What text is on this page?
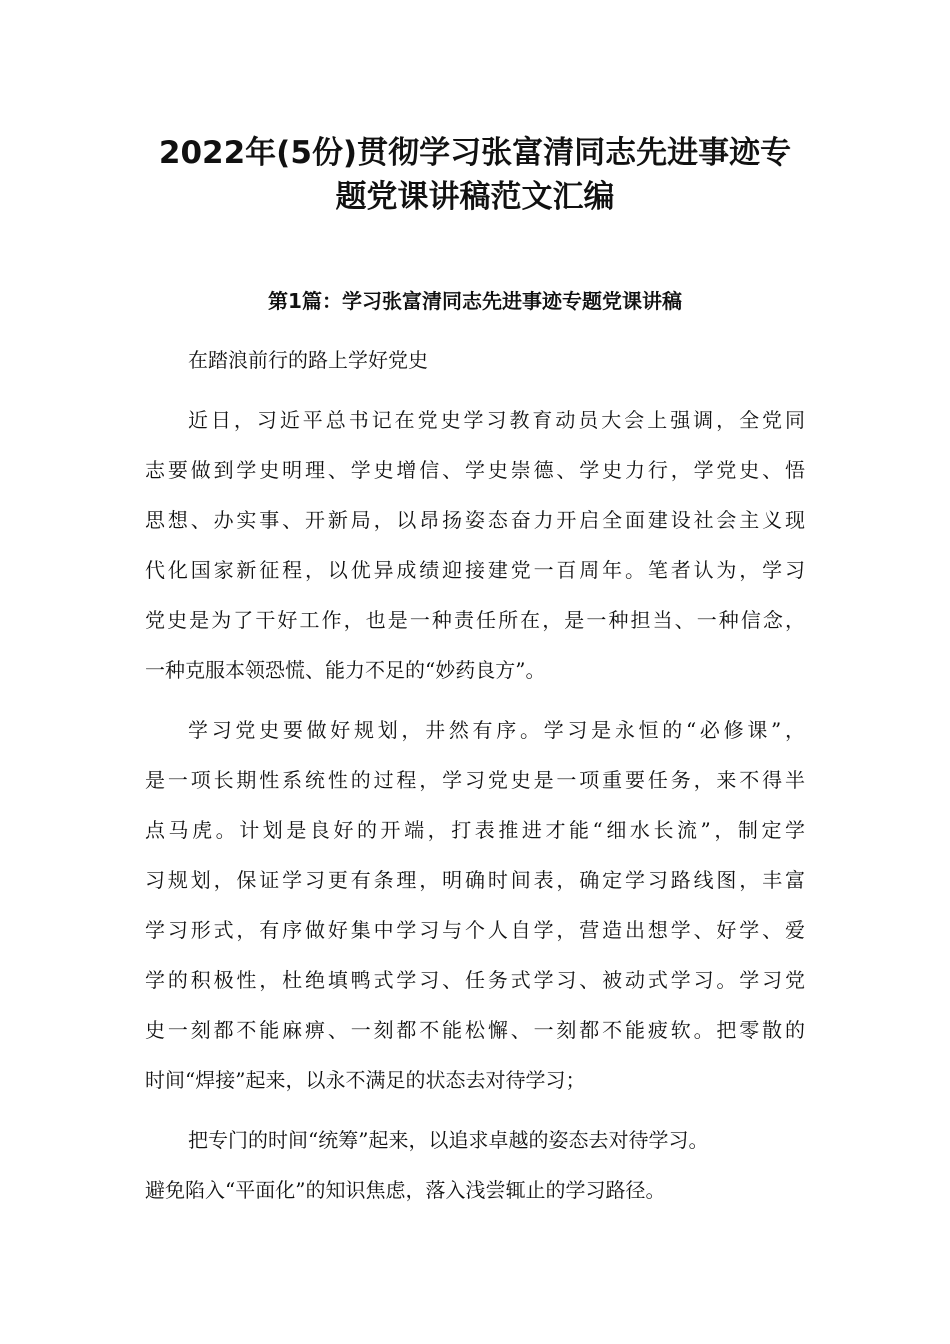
2022年(5份)贯彻学习张富清同志先进事迹专
题党课讲稿范文汇编
第1篇：学习张富清同志先进事迹专题党课讲稿

在踏浪前行的路上学好党史

近日，习近平总书记在党史学习教育动员大会上强调，全党同

志要做到学史明理、学史增信、学史崇德、学史力行，学党史、悟

思想、办实事、开新局，以昂扬姿态奋力开启全面建设社会主义现

代化国家新征程，以优异成绩迎接建党一百周年。笔者认为，学习

党史是为了干好工作，也是一种责任所在，是一种担当、一种信念，

一种克服本领恐慌、能力不足的“妙药良方”。

学习党史要做好规划，井然有序。学习是永恒的“必修课”，

是一项长期性系统性的过程，学习党史是一项重要任务，来不得半

点马虎。计划是良好的开端，打表推进才能“细水长流”，制定学

习规划，保证学习更有条理，明确时间表，确定学习路线图，丰富

学习形式，有序做好集中学习与个人自学，营造出想学、好学、爱

学的积极性，杜绝填鸭式学习、任务式学习、被动式学习。学习党

史一刻都不能麻痹、一刻都不能松懈、一刻都不能疲软。把零散的

时间“焊接”起来，以永不满足的状态去对待学习；

把专门的时间“统筹”起来，以追求卓越的姿态去对待学习。

避免陷入“平面化”的知识焦虑，落入浅尝辄止的学习路径。
